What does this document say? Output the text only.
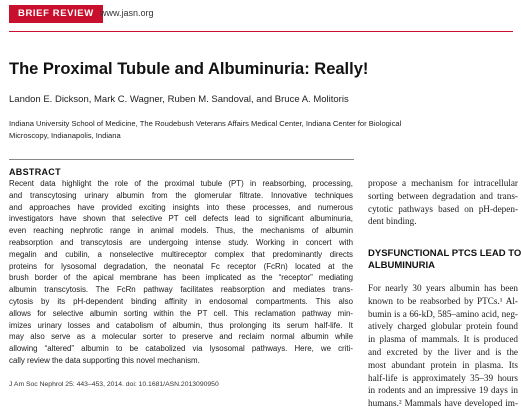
BRIEF REVIEW www.jasn.org
The Proximal Tubule and Albuminuria: Really!
Landon E. Dickson, Mark C. Wagner, Ruben M. Sandoval, and Bruce A. Molitoris
Indiana University School of Medicine, The Roudebush Veterans Affairs Medical Center, Indiana Center for Biological
Microscopy, Indianapolis, Indiana
ABSTRACT
Recent data highlight the role of the proximal tubule (PT) in reabsorbing, processing,
and transcytosing urinary albumin from the glomerular filtrate. Innovative techniques
and approaches have provided exciting insights into these processes, and numerous
investigators have shown that selective PT cell defects lead to significant albuminuria,
even reaching nephrotic range in animal models. Thus, the mechanisms of albumin
reabsorption and transcytosis are undergoing intense study. Working in concert with
megalin and cubilin, a nonselective multireceptor complex that predominantly directs
proteins for lysosomal degradation, the neonatal Fc receptor (FcRn) located at the
brush border of the apical membrane has been implicated as the “receptor” mediating
albumin transcytosis. The FcRn pathway facilitates reabsorption and mediates trans-
cytosis by its pH-dependent binding affinity in endosomal compartments. This also
allows for selective albumin sorting within the PT cell. This reclamation pathway min-
imizes urinary losses and catabolism of albumin, thus prolonging its serum half-life. It
may also serve as a molecular sorter to preserve and reclaim normal albumin while
allowing “altered” albumin to be catabolized via lysosomal pathways. Here, we criti-
cally review the data supporting this novel mechanism.
J Am Soc Nephrol 25: 443–453, 2014. doi: 10.1681/ASN.2013090950
propose a mechanism for intracellular
sorting between degradation and trans-
cytotic pathways based on pH-depen-
dent binding.
DYSFUNCTIONAL PTCS LEAD TO
ALBUMINURIA
For nearly 30 years albumin has been
known to be reabsorbed by PTCs.¹ Al-
bumin is a 66-kD, 585–amino acid, neg-
atively charged globular protein found
in plasma of mammals. It is produced
and excreted by the liver and is the
most abundant protein in plasma. Its
half-life is approximately 35–39 hours
in rodents and an impressive 19 days in
humans.² Mammals have developed im-
